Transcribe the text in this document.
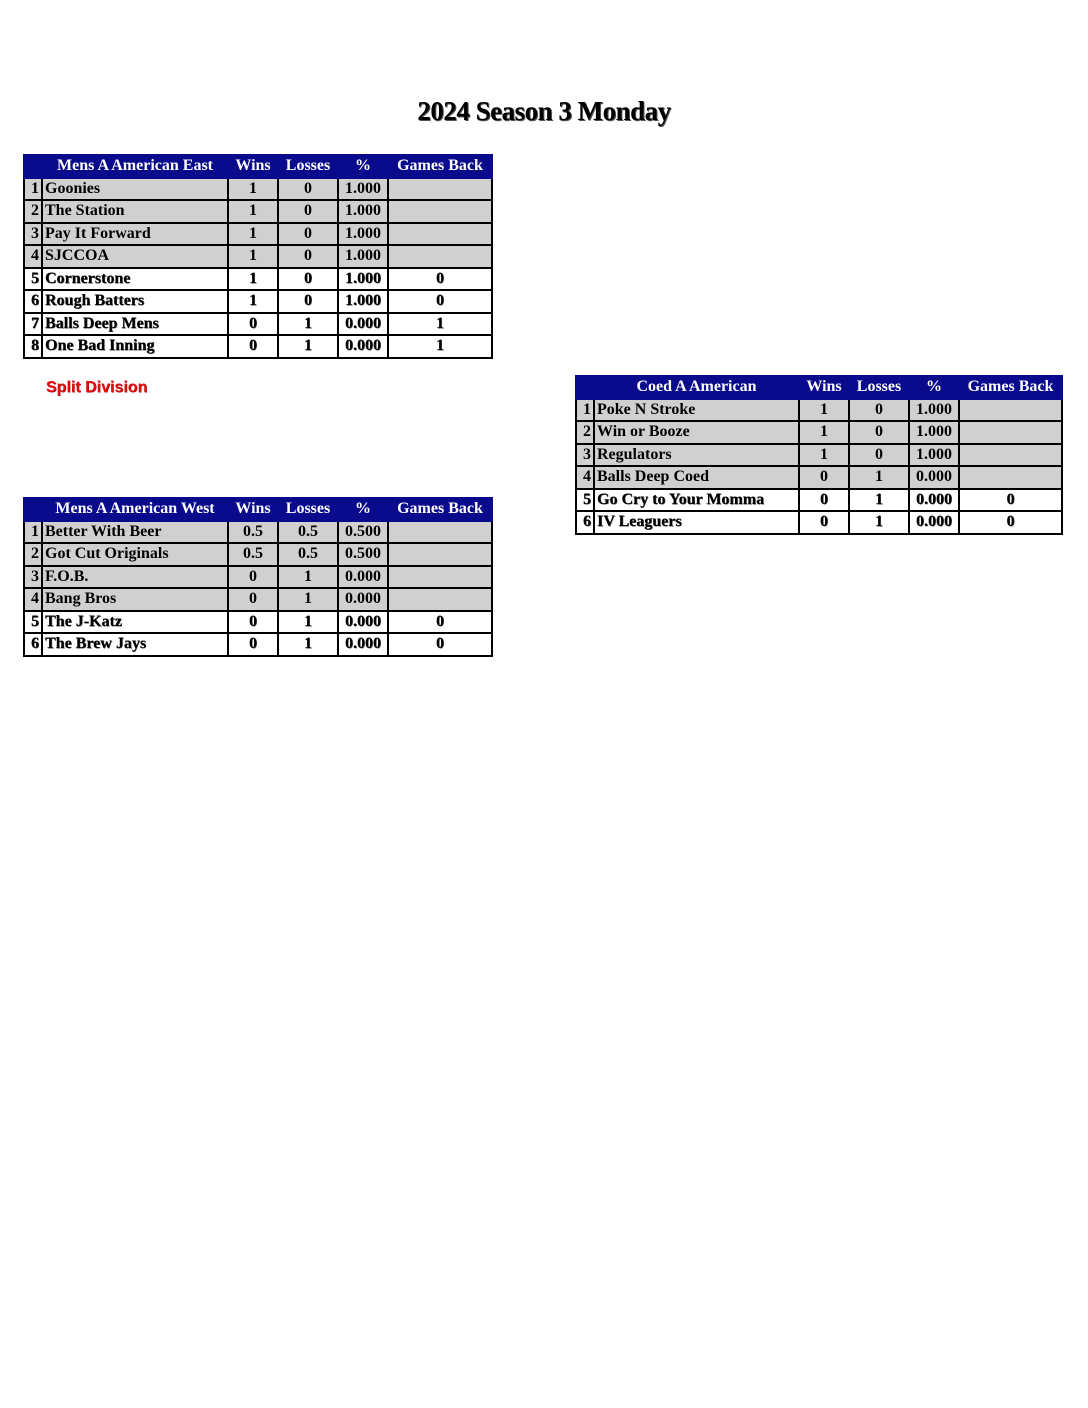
2024 Season 3 Monday
	Mens A American East	Wins	Losses	%	Games Back
1	Goonies	1	0	1.000	
2	The Station	1	0	1.000	
3	Pay It Forward	1	0	1.000	
4	SJCCOA	1	0	1.000	
5	Cornerstone	1	0	1.000	0
6	Rough Batters	1	0	1.000	0
7	Balls Deep Mens	0	1	0.000	1
8	One Bad Inning	0	1	0.000	1
Split Division
	Mens A American West	Wins	Losses	%	Games Back
1	Better With Beer	0.5	0.5	0.500	
2	Got Cut Originals	0.5	0.5	0.500	
3	F.O.B.	0	1	0.000	
4	Bang Bros	0	1	0.000	
5	The J-Katz	0	1	0.000	0
6	The Brew Jays	0	1	0.000	0
	Coed A American	Wins	Losses	%	Games Back
1	Poke N Stroke	1	0	1.000	
2	Win or Booze	1	0	1.000	
3	Regulators	1	0	1.000	
4	Balls Deep Coed	0	1	0.000	
5	Go Cry to Your Momma	0	1	0.000	0
6	IV Leaguers	0	1	0.000	0
